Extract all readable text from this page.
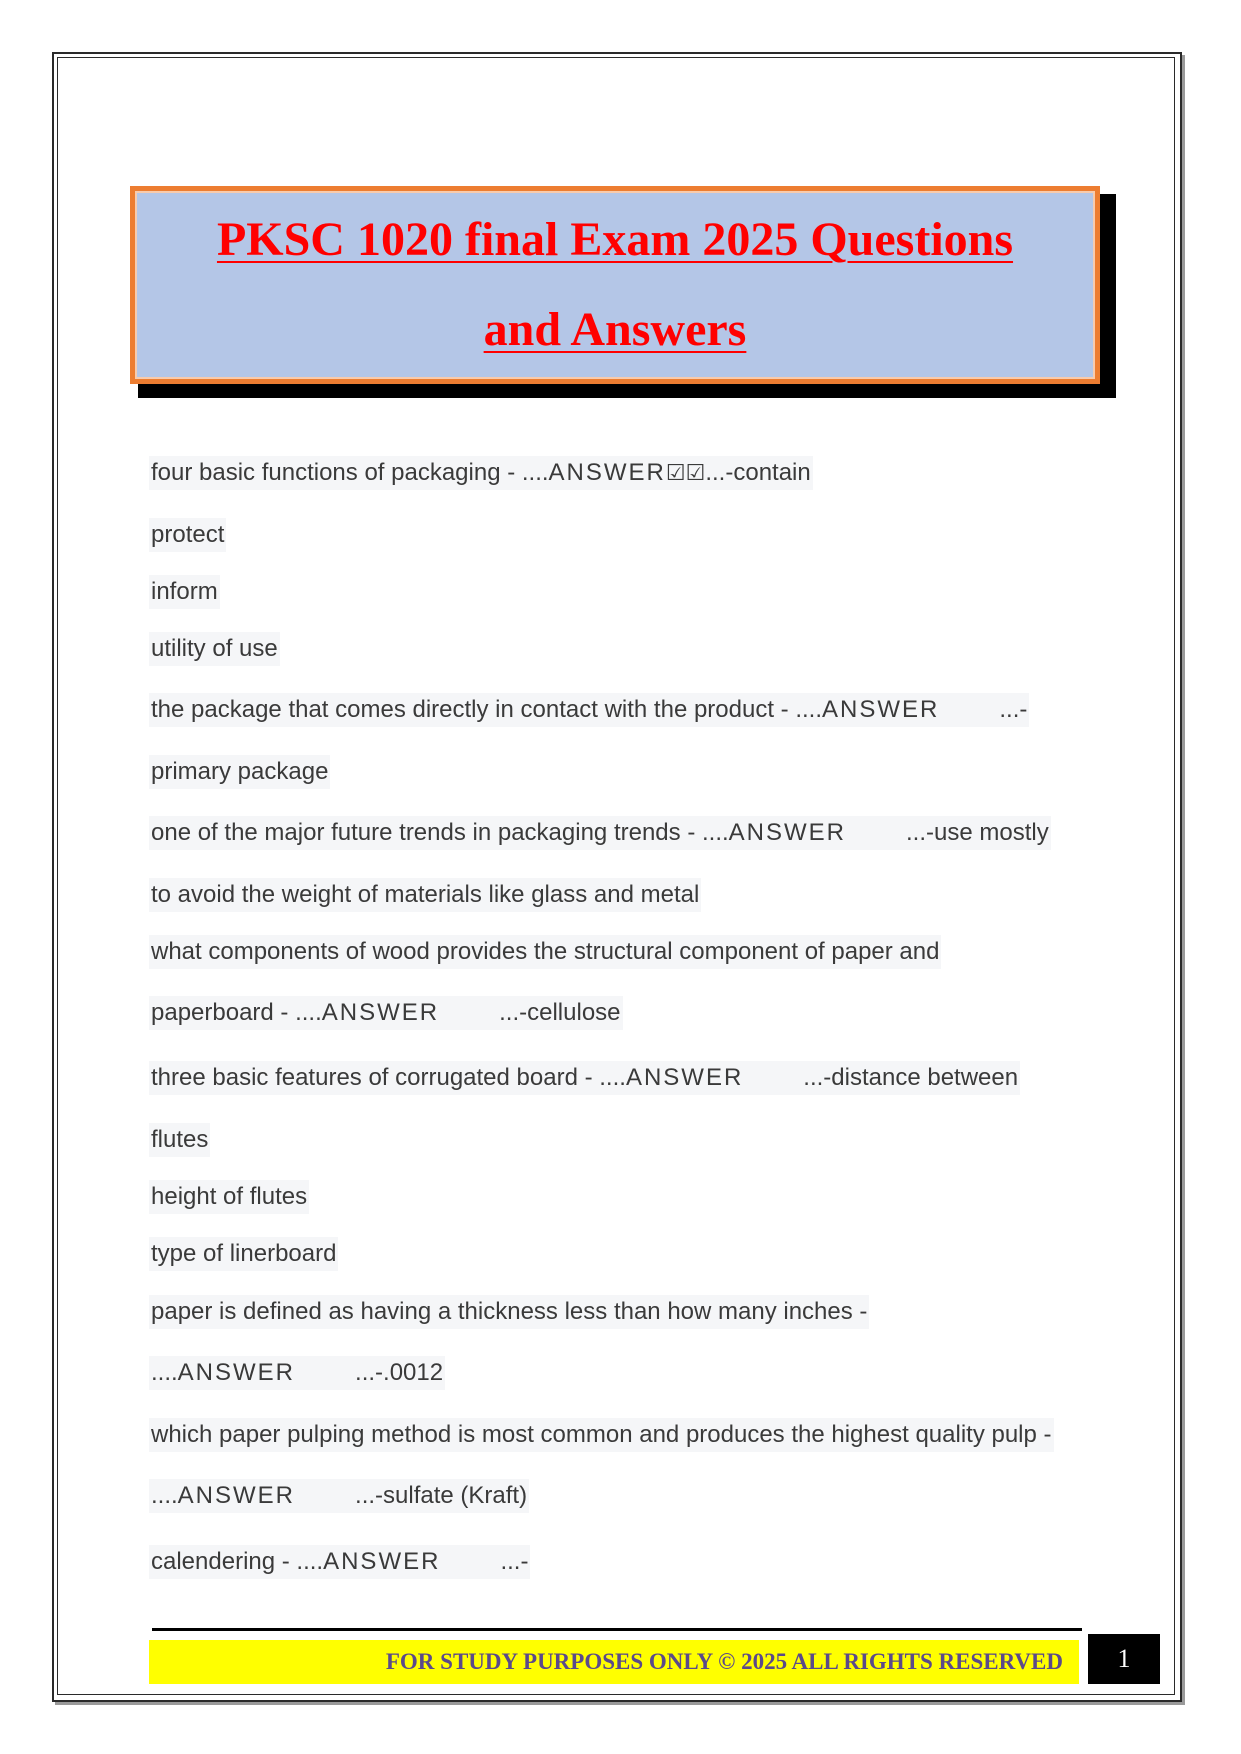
PKSC 1020 final Exam 2025 Questions
and Answers
four basic functions of packaging - ....ANSWER☑☑...-contain
protect
inform
utility of use
the package that comes directly in contact with the product - ....ANSWER	...-
primary package
one of the major future trends in packaging trends - ....ANSWER	...-use mostly
to avoid the weight of materials like glass and metal
what components of wood provides the structural component of paper and
paperboard - ....ANSWER	...-cellulose
three basic features of corrugated board - ....ANSWER	...-distance between
flutes
height of flutes
type of linerboard
paper is defined as having a thickness less than how many inches -
....ANSWER	...-.0012
which paper pulping method is most common and produces the highest quality pulp -
....ANSWER	...-sulfate (Kraft)
calendering - ....ANSWER	...-
FOR STUDY PURPOSES ONLY © 2025 ALL RIGHTS RESERVED	1
